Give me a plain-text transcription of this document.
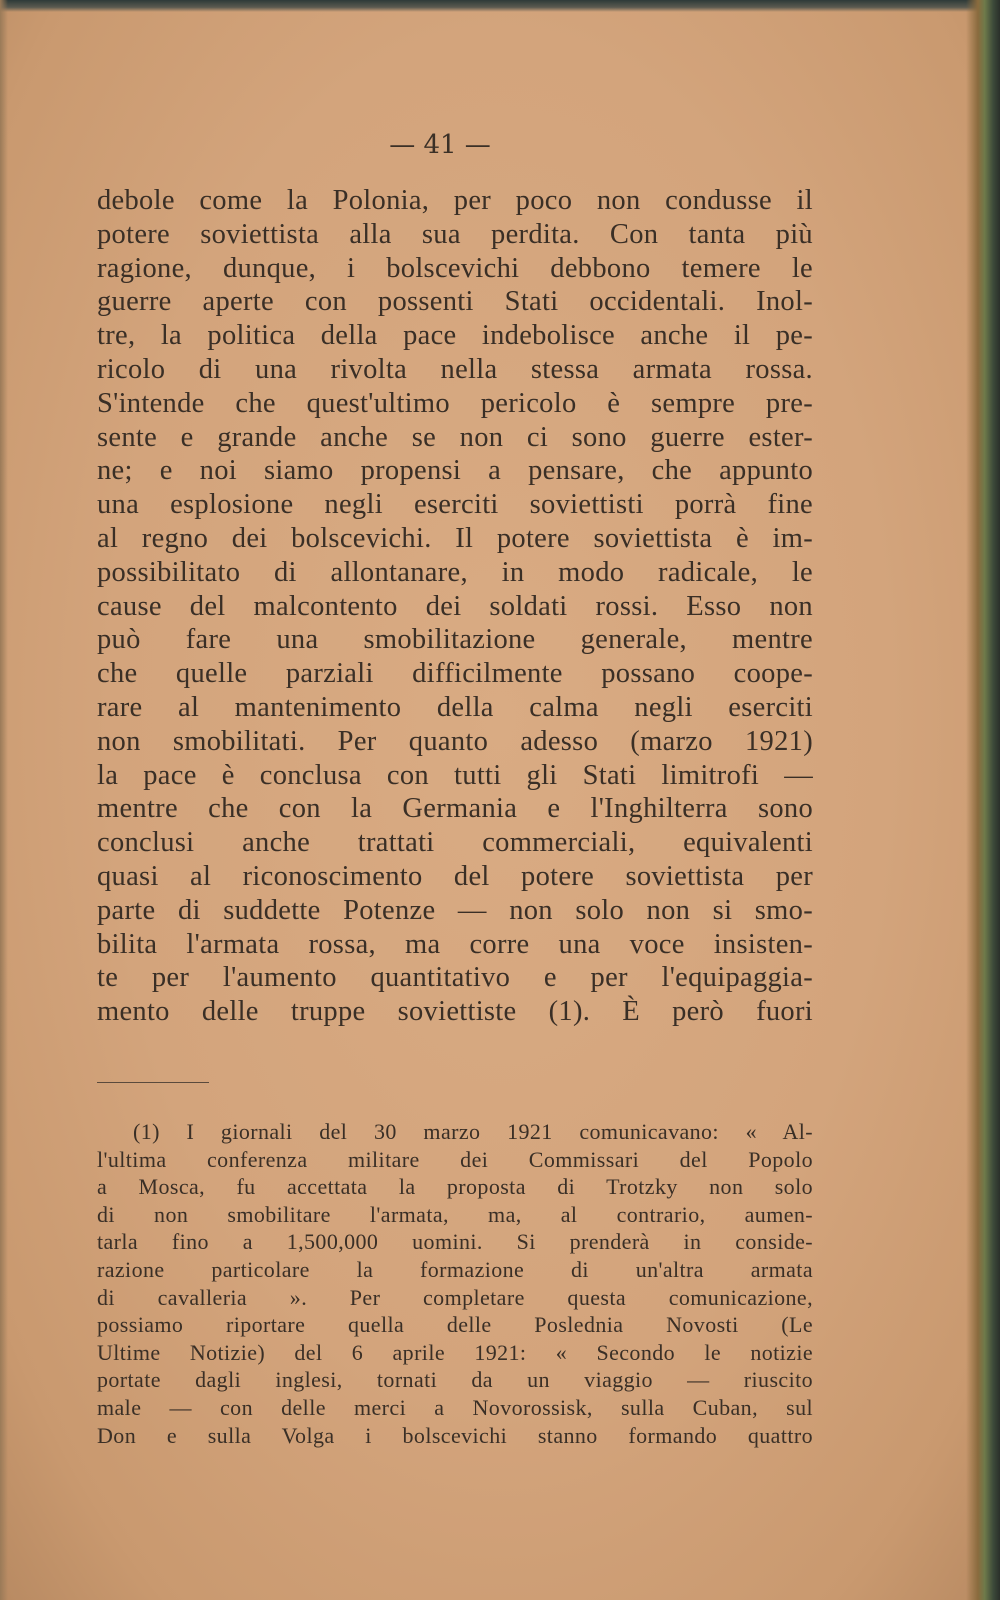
— 41 —
debole come la Polonia, per poco non condusse il
potere soviettista alla sua perdita. Con tanta più
ragione, dunque, i bolscevichi debbono temere le
guerre aperte con possenti Stati occidentali. Inol-
tre, la politica della pace indebolisce anche il pe-
ricolo di una rivolta nella stessa armata rossa.
S'intende che quest'ultimo pericolo è sempre pre-
sente e grande anche se non ci sono guerre ester-
ne; e noi siamo propensi a pensare, che appunto
una esplosione negli eserciti soviettisti porrà fine
al regno dei bolscevichi. Il potere soviettista è im-
possibilitato di allontanare, in modo radicale, le
cause del malcontento dei soldati rossi. Esso non
può fare una smobilitazione generale, mentre
che quelle parziali difficilmente possano coope-
rare al mantenimento della calma negli eserciti
non smobilitati. Per quanto adesso (marzo 1921)
la pace è conclusa con tutti gli Stati limitrofi —
mentre che con la Germania e l'Inghilterra sono
conclusi anche trattati commerciali, equivalenti
quasi al riconoscimento del potere soviettista per
parte di suddette Potenze — non solo non si smo-
bilita l'armata rossa, ma corre una voce insisten-
te per l'aumento quantitativo e per l'equipaggia-
mento delle truppe soviettiste (1). È però fuori
(1) I giornali del 30 marzo 1921 comunicavano: « Al-
l'ultima conferenza militare dei Commissari del Popolo
a Mosca, fu accettata la proposta di Trotzky non solo
di non smobilitare l'armata, ma, al contrario, aumen-
tarla fino a 1,500,000 uomini. Si prenderà in conside-
razione particolare la formazione di un'altra armata
di cavalleria ». Per completare questa comunicazione,
possiamo riportare quella delle Poslednia Novosti (Le
Ultime Notizie) del 6 aprile 1921: « Secondo le notizie
portate dagli inglesi, tornati da un viaggio — riuscito
male — con delle merci a Novorossisk, sulla Cuban, sul
Don e sulla Volga i bolscevichi stanno formando quattro
